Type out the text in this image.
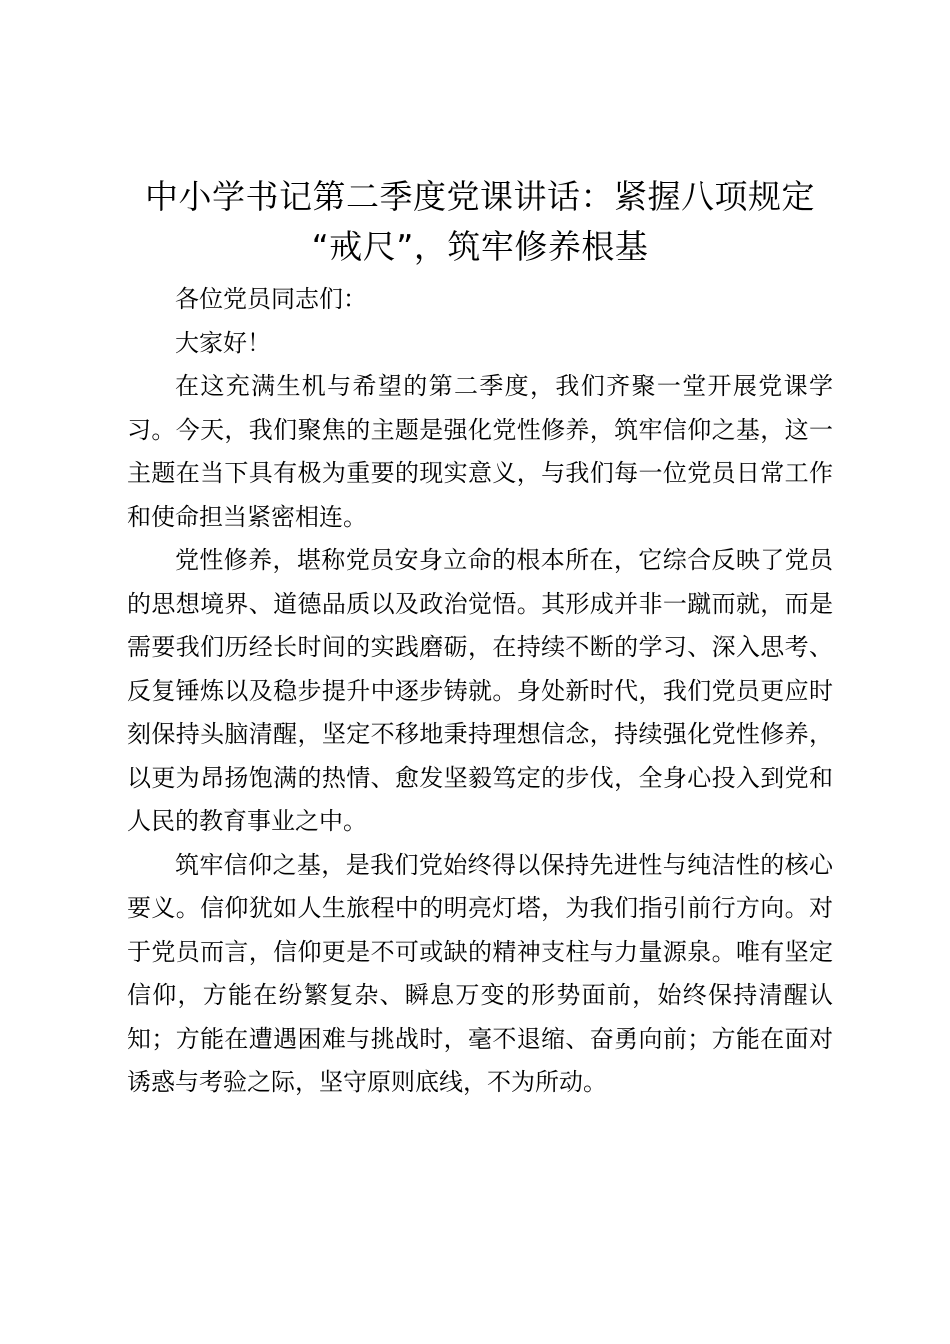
中小学书记第二季度党课讲话：紧握八项规定
“戒尺”，筑牢修养根基

各位党员同志们：

大家好！

在这充满生机与希望的第二季度，我们齐聚一堂开展党课学习。今天，我们聚焦的主题是强化党性修养，筑牢信仰之基，这一主题在当下具有极为重要的现实意义，与我们每一位党员日常工作和使命担当紧密相连。

党性修养，堪称党员安身立命的根本所在，它综合反映了党员的思想境界、道德品质以及政治觉悟。其形成并非一蹴而就，而是需要我们历经长时间的实践磨砺，在持续不断的学习、深入思考、反复锤炼以及稳步提升中逐步铸就。身处新时代，我们党员更应时刻保持头脑清醒，坚定不移地秉持理想信念，持续强化党性修养，以更为昂扬饱满的热情、愈发坚毅笃定的步伐，全身心投入到党和人民的教育事业之中。

筑牢信仰之基，是我们党始终得以保持先进性与纯洁性的核心要义。信仰犹如人生旅程中的明亮灯塔，为我们指引前行方向。对于党员而言，信仰更是不可或缺的精神支柱与力量源泉。唯有坚定信仰，方能在纷繁复杂、瞬息万变的形势面前，始终保持清醒认知；方能在遭遇困难与挑战时，毫不退缩、奋勇向前；方能在面对诱惑与考验之际，坚守原则底线，不为所动。
